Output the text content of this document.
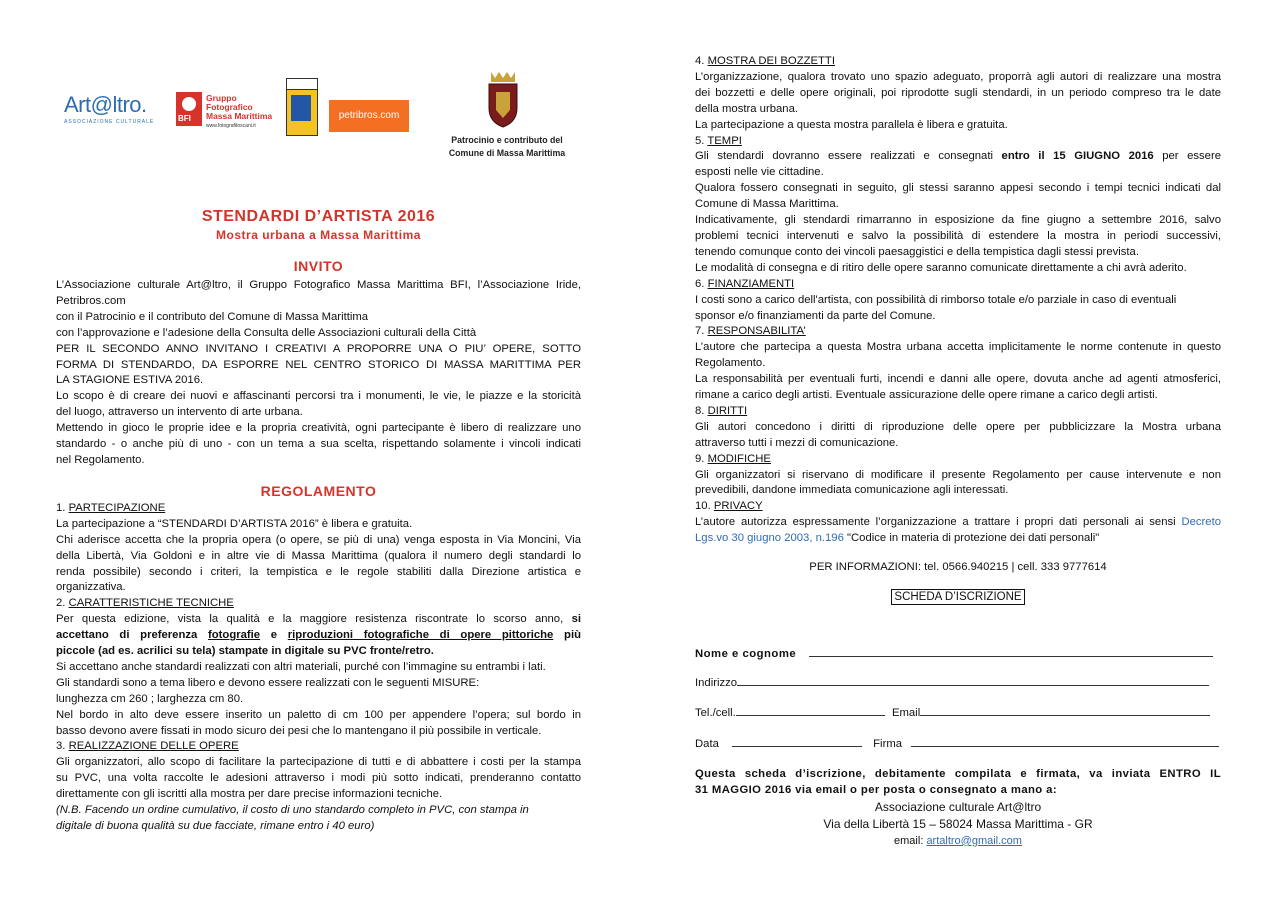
Art@ltro.
ASSOCIAZIONE CULTURALE
BFI
Gruppo
Fotografico
Massa Marittima
www.fotografitoscani.it
petribros.com
Patrocinio e contributo del
Comune di Massa Marittima
STENDARDI D’ARTISTA 2016
Mostra urbana a Massa Marittima
INVITO
L’Associazione culturale Art@ltro, il Gruppo Fotografico Massa Marittima BFI, l’Associazione Iride,
Petribros.com
con il Patrocinio e il contributo del Comune di Massa Marittima
con l’approvazione e l’adesione della Consulta delle Associazioni culturali della Città
PER IL SECONDO ANNO INVITANO I CREATIVI A PROPORRE UNA O PIU’ OPERE, SOTTO
FORMA DI STENDARDO, DA ESPORRE NEL CENTRO STORICO DI MASSA MARITTIMA PER
LA STAGIONE ESTIVA 2016.
Lo scopo è di creare dei nuovi e affascinanti percorsi tra i monumenti, le vie, le piazze e la storicità
del luogo, attraverso un intervento di arte urbana.
Mettendo in gioco le proprie idee e la propria creatività, ogni partecipante è libero di realizzare uno
standardo - o anche più di uno - con un tema a sua scelta, rispettando solamente i vincoli indicati
nel Regolamento.
REGOLAMENTO
1. PARTECIPAZIONE
La partecipazione a “STENDARDI D’ARTISTA 2016” è libera e gratuita.
Chi aderisce accetta che la propria opera (o opere, se più di una) venga esposta in Via Moncini, Via
della Libertà, Via Goldoni e in altre vie di Massa Marittima (qualora il numero degli standardi lo
renda possibile) secondo i criteri, la tempistica e le regole stabiliti dalla Direzione artistica e
organizzativa.
2. CARATTERISTICHE TECNICHE
Per questa edizione, vista la qualità e la maggiore resistenza riscontrate lo scorso anno, si
accettano di preferenza fotografie e riproduzioni fotografiche di opere pittoriche più
piccole (ad es. acrilici su tela) stampate in digitale su PVC fronte/retro.
Si accettano anche standardi realizzati con altri materiali, purché con l’immagine su entrambi i lati.
Gli standardi sono a tema libero e devono essere realizzati con le seguenti MISURE:
lunghezza cm 260 ; larghezza cm 80.
Nel bordo in alto deve essere inserito un paletto di cm 100 per appendere l’opera; sul bordo in
basso devono avere fissati in modo sicuro dei pesi che lo mantengano il più possibile in verticale.
3. REALIZZAZIONE DELLE OPERE
Gli organizzatori, allo scopo di facilitare la partecipazione di tutti e di abbattere i costi per la stampa
su PVC, una volta raccolte le adesioni attraverso i modi più sotto indicati, prenderanno contatto
direttamente con gli iscritti alla mostra per dare precise informazioni tecniche.
(N.B. Facendo un ordine cumulativo, il costo di uno standardo completo in PVC, con stampa in
digitale di buona qualità su due facciate, rimane entro i 40 euro)
4. MOSTRA DEI BOZZETTI
L’organizzazione, qualora trovato uno spazio adeguato, proporrà agli autori di realizzare una mostra
dei bozzetti e delle opere originali, poi riprodotte sugli stendardi, in un periodo compreso tra le date
della mostra urbana.
La partecipazione a questa mostra parallela è libera e gratuita.
5. TEMPI
Gli stendardi dovranno essere realizzati e consegnati entro il 15 GIUGNO 2016 per essere
esposti nelle vie cittadine.
Qualora fossero consegnati in seguito, gli stessi saranno appesi secondo i tempi tecnici indicati dal
Comune di Massa Marittima.
Indicativamente, gli stendardi rimarranno in esposizione da fine giugno a settembre 2016, salvo
problemi tecnici intervenuti e salvo la possibilità di estendere la mostra in periodi successivi,
tenendo comunque conto dei vincoli paesaggistici e della tempistica dagli stessi prevista.
Le modalità di consegna e di ritiro delle opere saranno comunicate direttamente a chi avrà aderito.
6. FINANZIAMENTI
I costi sono a carico dell'artista, con possibilità di rimborso totale e/o parziale in caso di eventuali
sponsor e/o finanziamenti da parte del Comune.
7. RESPONSABILITA’
L’autore che partecipa a questa Mostra urbana accetta implicitamente le norme contenute in questo
Regolamento.
La responsabilità per eventuali furti, incendi e danni alle opere, dovuta anche ad agenti atmosferici,
rimane a carico degli artisti. Eventuale assicurazione delle opere rimane a carico degli artisti.
8. DIRITTI
Gli autori concedono i diritti di riproduzione delle opere per pubblicizzare la Mostra urbana
attraverso tutti i mezzi di comunicazione.
9. MODIFICHE
Gli organizzatori si riservano di modificare il presente Regolamento per cause intervenute e non
prevedibili, dandone immediata comunicazione agli interessati.
10. PRIVACY
L’autore autorizza espressamente l’organizzazione a trattare i propri dati personali ai sensi Decreto
Lgs.vo 30 giugno 2003, n.196 "Codice in materia di protezione dei dati personali"
PER INFORMAZIONI: tel. 0566.940215 | cell. 333 9777614
SCHEDA D’ISCRIZIONE
Nome e cognome
Indirizzo
Tel./cell.	Email
Data	Firma
Questa scheda d’iscrizione, debitamente compilata e firmata, va inviata ENTRO IL
31 MAGGIO 2016 via email o per posta o consegnato a mano a:
Associazione culturale Art@ltro
Via della Libertà 15 – 58024 Massa Marittima - GR
email: artaltro@gmail.com
